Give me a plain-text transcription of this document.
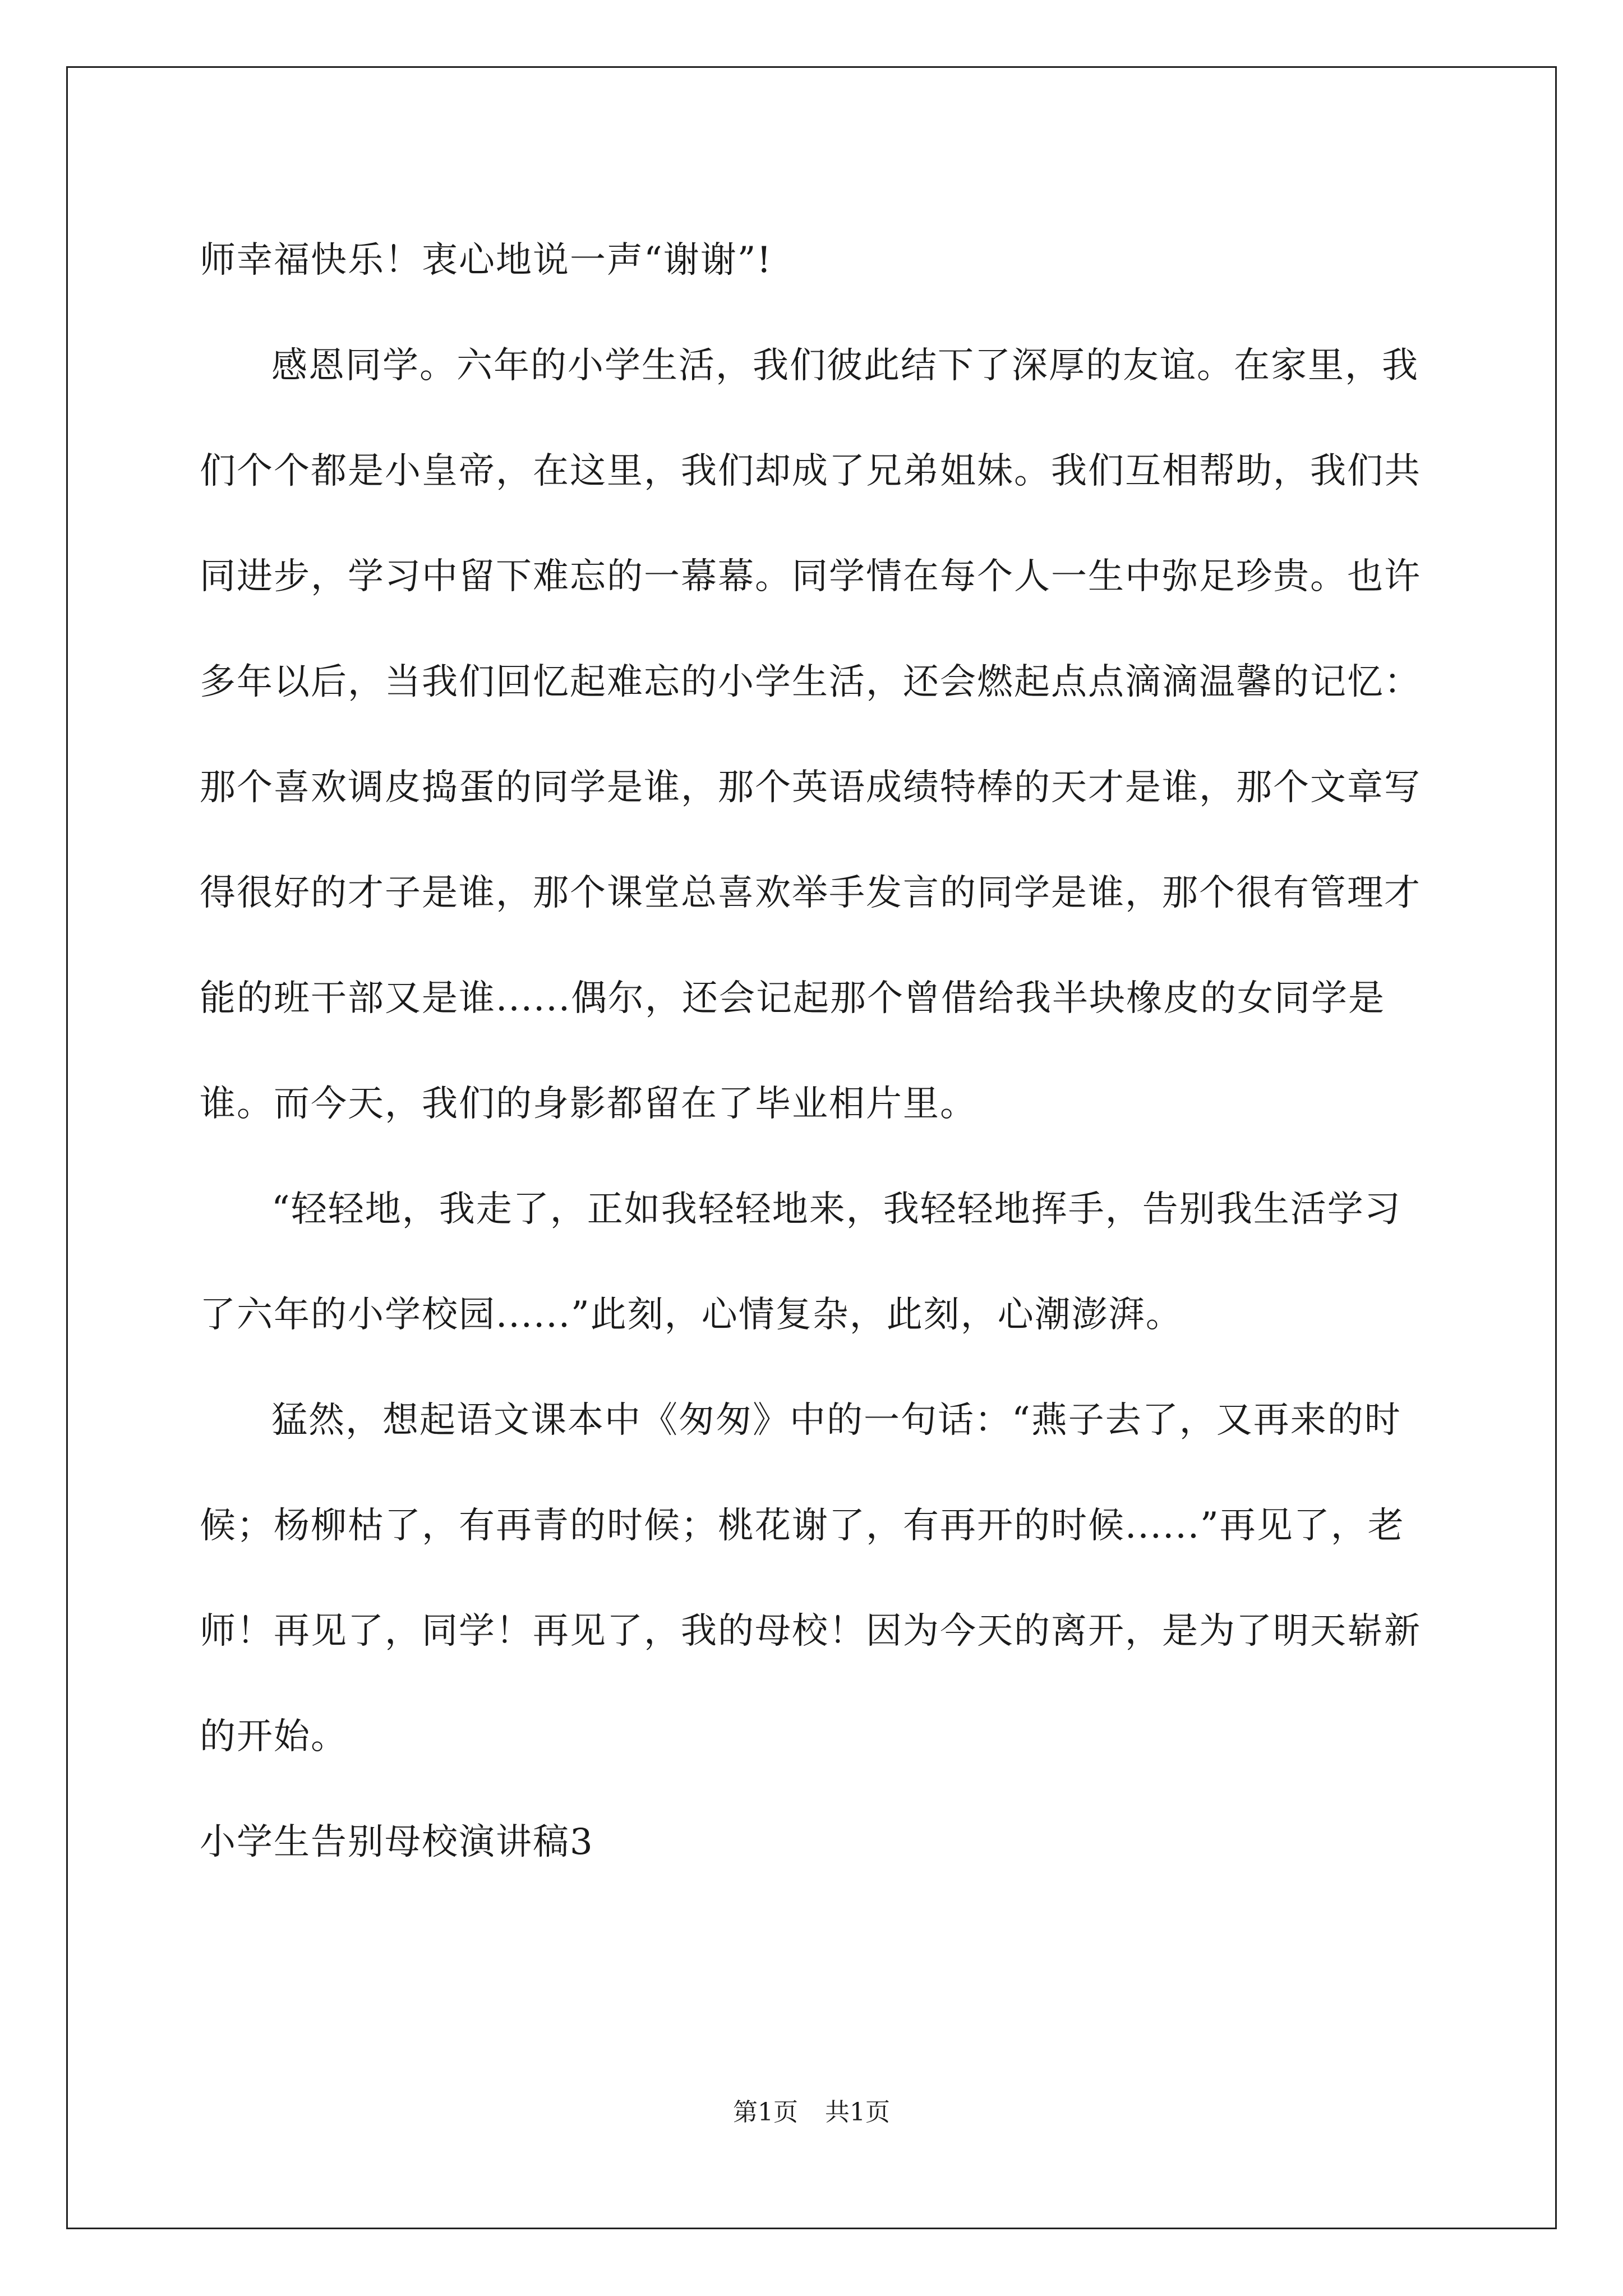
师幸福快乐！衷心地说一声“谢谢”!

感恩同学。六年的小学生活，我们彼此结下了深厚的友谊。在家里，我们个个都是小皇帝，在这里，我们却成了兄弟姐妹。我们互相帮助，我们共同进步，学习中留下难忘的一幕幕。同学情在每个人一生中弥足珍贵。也许多年以后，当我们回忆起难忘的小学生活，还会燃起点点滴滴温馨的记忆：那个喜欢调皮捣蛋的同学是谁，那个英语成绩特棒的天才是谁，那个文章写得很好的才子是谁，那个课堂总喜欢举手发言的同学是谁，那个很有管理才能的班干部又是谁......偶尔，还会记起那个曾借给我半块橡皮的女同学是谁。而今天，我们的身影都留在了毕业相片里。

“轻轻地，我走了，正如我轻轻地来，我轻轻地挥手，告别我生活学习了六年的小学校园......”此刻，心情复杂，此刻，心潮澎湃。

猛然，想起语文课本中《匆匆》中的一句话：“燕子去了，又再来的时候；杨柳枯了，有再青的时候；桃花谢了，有再开的时候......”再见了，老师！再见了，同学！再见了，我的母校！因为今天的离开，是为了明天崭新的开始。

小学生告别母校演讲稿3

第1页 共1页
